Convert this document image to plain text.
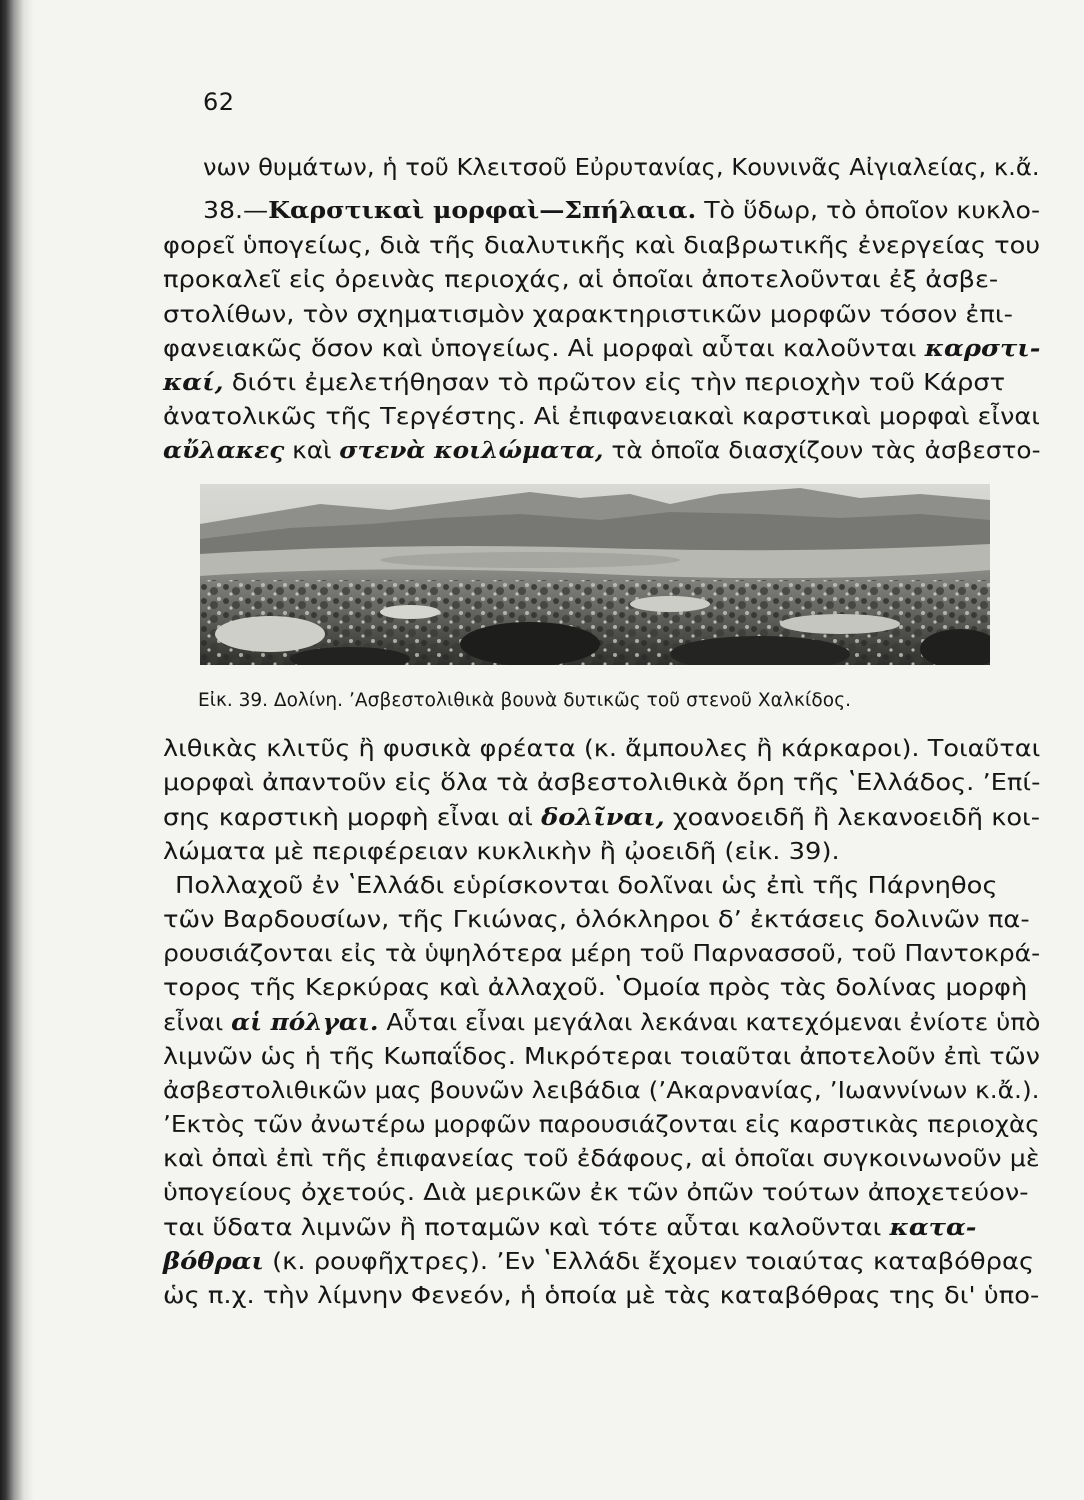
62
νων θυμάτων, ἡ τοῦ Κλειτσοῦ Εὐρυτανίας, Κουνινᾶς Αἰγιαλείας, κ.ἄ.
38.—Καρστικαὶ μορφαὶ—Σπήλαια. Τὸ ὕδωρ, τὸ ὁποῖον κυκλο-
φορεῖ ὑπογείως, διὰ τῆς διαλυτικῆς καὶ διαβρωτικῆς ἐνεργείας του
προκαλεῖ εἰς ὀρεινὰς περιοχάς, αἱ ὁποῖαι ἀποτελοῦνται ἐξ ἀσβε-
στολίθων, τὸν σχηματισμὸν χαρακτηριστικῶν μορφῶν τόσον ἐπι-
φανειακῶς ὅσον καὶ ὑπογείως. Αἱ μορφαὶ αὗται καλοῦνται καρστι-
καί, διότι ἐμελετήθησαν τὸ πρῶτον εἰς τὴν περιοχὴν τοῦ Κάρστ
ἀνατολικῶς τῆς Τεργέστης. Αἱ ἐπιφανειακαὶ καρστικαὶ μορφαὶ εἶναι
αὔλακες καὶ στενὰ κοιλώματα, τὰ ὁποῖα διασχίζουν τὰς ἀσβεστο-
Εἰκ. 39. Δολίνη. ʼΑσβεστολιθικὰ βουνὰ δυτικῶς τοῦ στενοῦ Χαλκίδος.
λιθικὰς κλιτῦς ἢ φυσικὰ φρέατα (κ. ἄμπουλες ἢ κάρκαροι). Τοιαῦται
μορφαὶ ἀπαντοῦν εἰς ὅλα τὰ ἀσβεστολιθικὰ ὄρη τῆς ʽΕλλάδος. ʼΕπί-
σης καρστικὴ μορφὴ εἶναι αἱ δολῖναι, χοανοειδῆ ἢ λεκανοειδῆ κοι-
λώματα μὲ περιφέρειαν κυκλικὴν ἢ ᾠοειδῆ (εἰκ. 39).
Πολλαχοῦ ἐν ʽΕλλάδι εὑρίσκονται δολῖναι ὡς ἐπὶ τῆς Πάρνηθος
τῶν Βαρδουσίων, τῆς Γκιώνας, ὁλόκληροι δʼ ἐκτάσεις δολινῶν πα-
ρουσιάζονται εἰς τὰ ὑψηλότερα μέρη τοῦ Παρνασσοῦ, τοῦ Παντοκρά-
τορος τῆς Κερκύρας καὶ ἀλλαχοῦ. ʽΟμοία πρὸς τὰς δολίνας μορφὴ
εἶναι αἱ πόλγαι. Αὗται εἶναι μεγάλαι λεκάναι κατεχόμεναι ἐνίοτε ὑπὸ
λιμνῶν ὡς ἡ τῆς Κωπαΐδος. Μικρότεραι τοιαῦται ἀποτελοῦν ἐπὶ τῶν
ἀσβεστολιθικῶν μας βουνῶν λειβάδια (ʼΑκαρνανίας, ʼΙωαννίνων κ.ἄ.).
ʼΕκτὸς τῶν ἀνωτέρω μορφῶν παρουσιάζονται εἰς καρστικὰς περιοχὰς
καὶ ὀπαὶ ἐπὶ τῆς ἐπιφανείας τοῦ ἐδάφους, αἱ ὁποῖαι συγκοινωνοῦν μὲ
ὑπογείους ὀχετούς. Διὰ μερικῶν ἐκ τῶν ὀπῶν τούτων ἀποχετεύον-
ται ὕδατα λιμνῶν ἢ ποταμῶν καὶ τότε αὗται καλοῦνται κατα-
βόθραι (κ. ρουφῆχτρες). ʼΕν ʽΕλλάδι ἔχομεν τοιαύτας καταβόθρας
ὡς π.χ. τὴν λίμνην Φενεόν, ἡ ὁποία μὲ τὰς καταβόθρας της δι' ὑπο-
